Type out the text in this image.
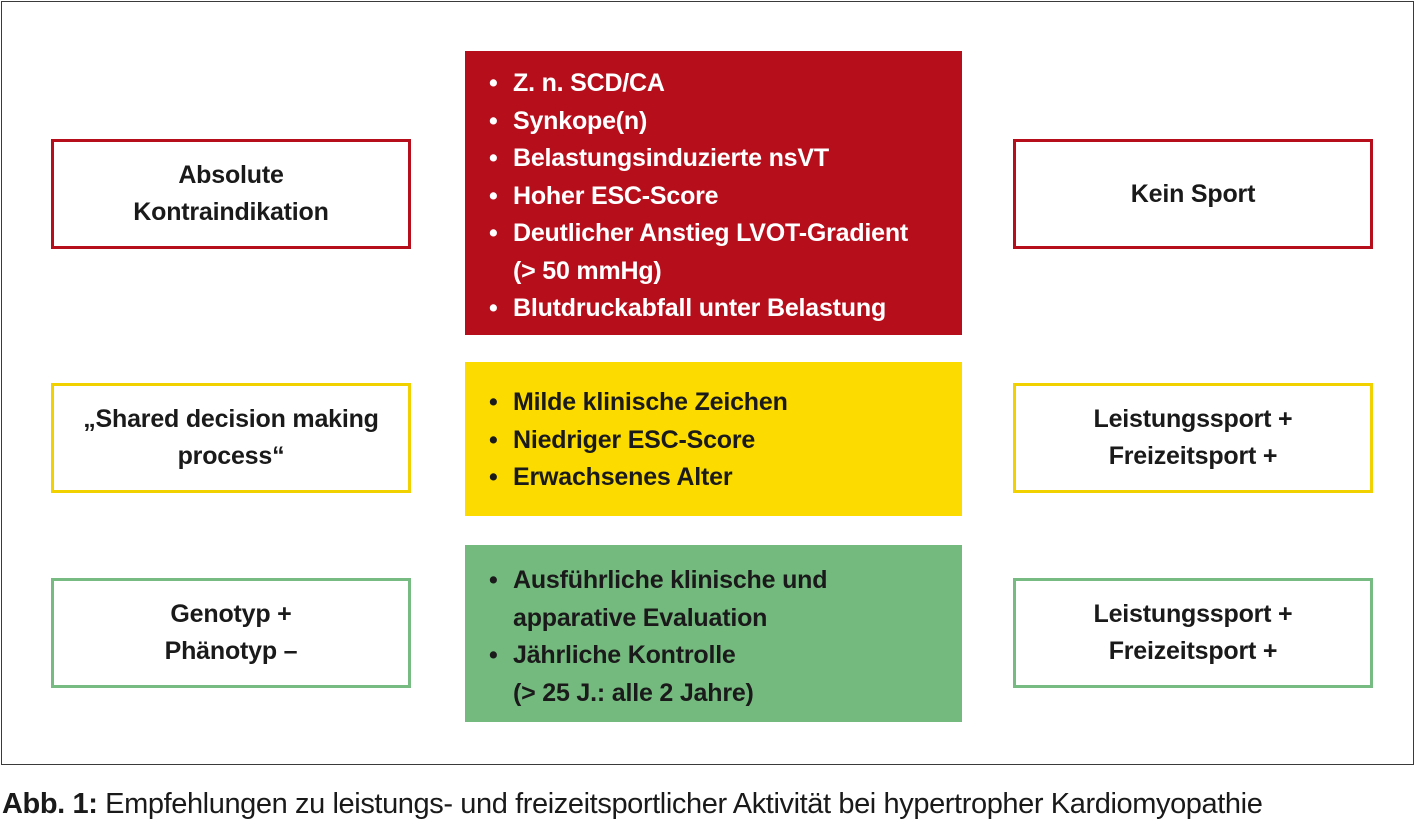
Absolute
Kontraindikation
• Z. n. SCD/CA
• Synkope(n)
• Belastungsinduzierte nsVT
• Hoher ESC-Score
• Deutlicher Anstieg LVOT-Gradient
(> 50 mmHg)
• Blutdruckabfall unter Belastung
Kein Sport
„Shared decision making
process“
• Milde klinische Zeichen
• Niedriger ESC-Score
• Erwachsenes Alter
Leistungssport +
Freizeitsport +
Genotyp +
Phänotyp –
• Ausführliche klinische und
apparative Evaluation
• Jährliche Kontrolle
(> 25 J.: alle 2 Jahre)
Leistungssport +
Freizeitsport +
Abb. 1: Empfehlungen zu leistungs- und freizeitsportlicher Aktivität bei hypertropher Kardiomyopathie
